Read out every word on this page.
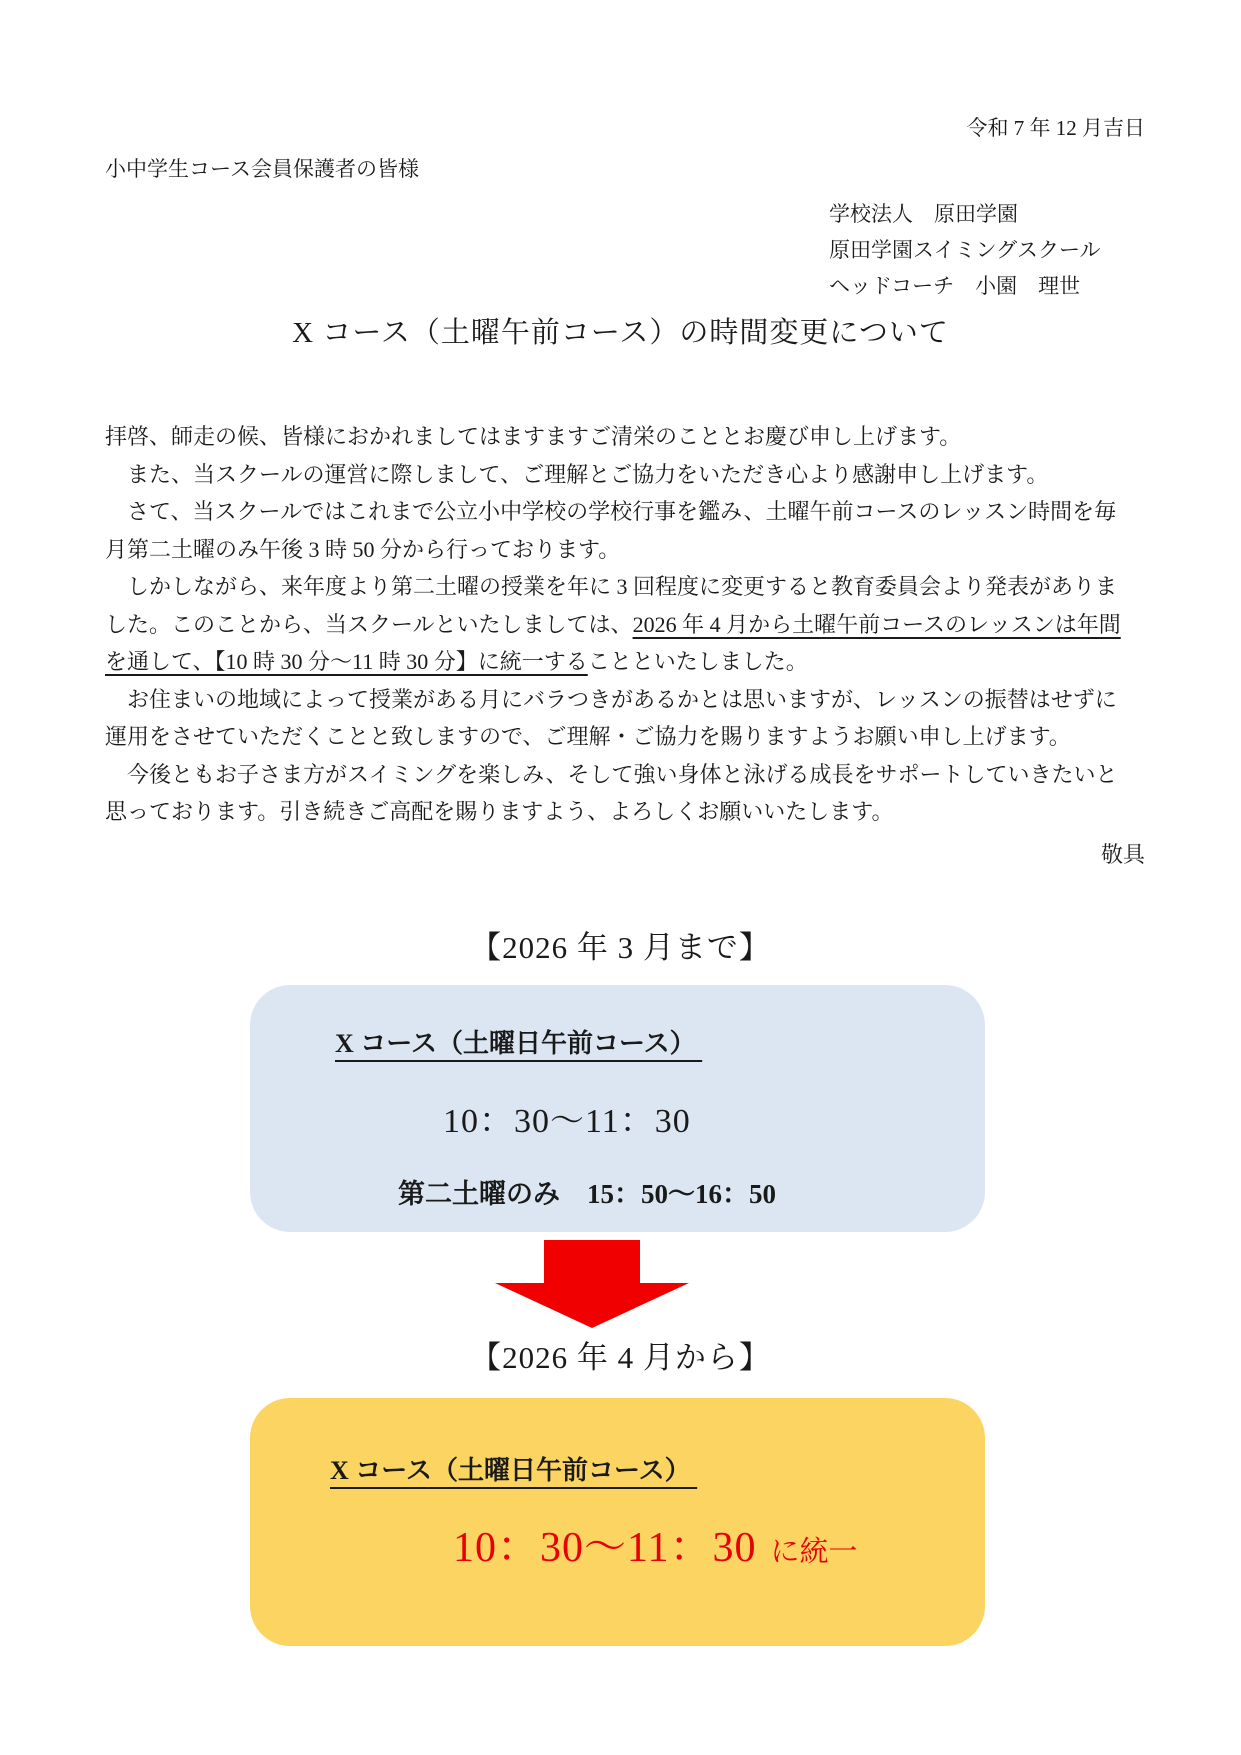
令和 7 年 12 月吉日
小中学生コース会員保護者の皆様
学校法人　原田学園
原田学園スイミングスクール
ヘッドコーチ　小園　理世
X コース（土曜午前コース）の時間変更について
拝啓、師走の候、皆様におかれましてはますますご清栄のこととお慶び申し上げます。
　また、当スクールの運営に際しまして、ご理解とご協力をいただき心より感謝申し上げます。
　さて、当スクールではこれまで公立小中学校の学校行事を鑑み、土曜午前コースのレッスン時間を毎
月第二土曜のみ午後 3 時 50 分から行っております。
　しかしながら、来年度より第二土曜の授業を年に 3 回程度に変更すると教育委員会より発表がありま
した。このことから、当スクールといたしましては、2026 年 4 月から土曜午前コースのレッスンは年間
を通して、【10 時 30 分～11 時 30 分】に統一することといたしました。
　お住まいの地域によって授業がある月にバラつきがあるかとは思いますが、レッスンの振替はせずに
運用をさせていただくことと致しますので、ご理解・ご協力を賜りますようお願い申し上げます。
　今後ともお子さま方がスイミングを楽しみ、そして強い身体と泳げる成長をサポートしていきたいと
思っております。引き続きご高配を賜りますよう、よろしくお願いいたします。
敬具
【2026 年 3 月まで】
X コース（土曜日午前コース）
10：30～11：30
第二土曜のみ　15：50～16：50
【2026 年 4 月から】
X コース（土曜日午前コース）
10：30～11：30 に統一
